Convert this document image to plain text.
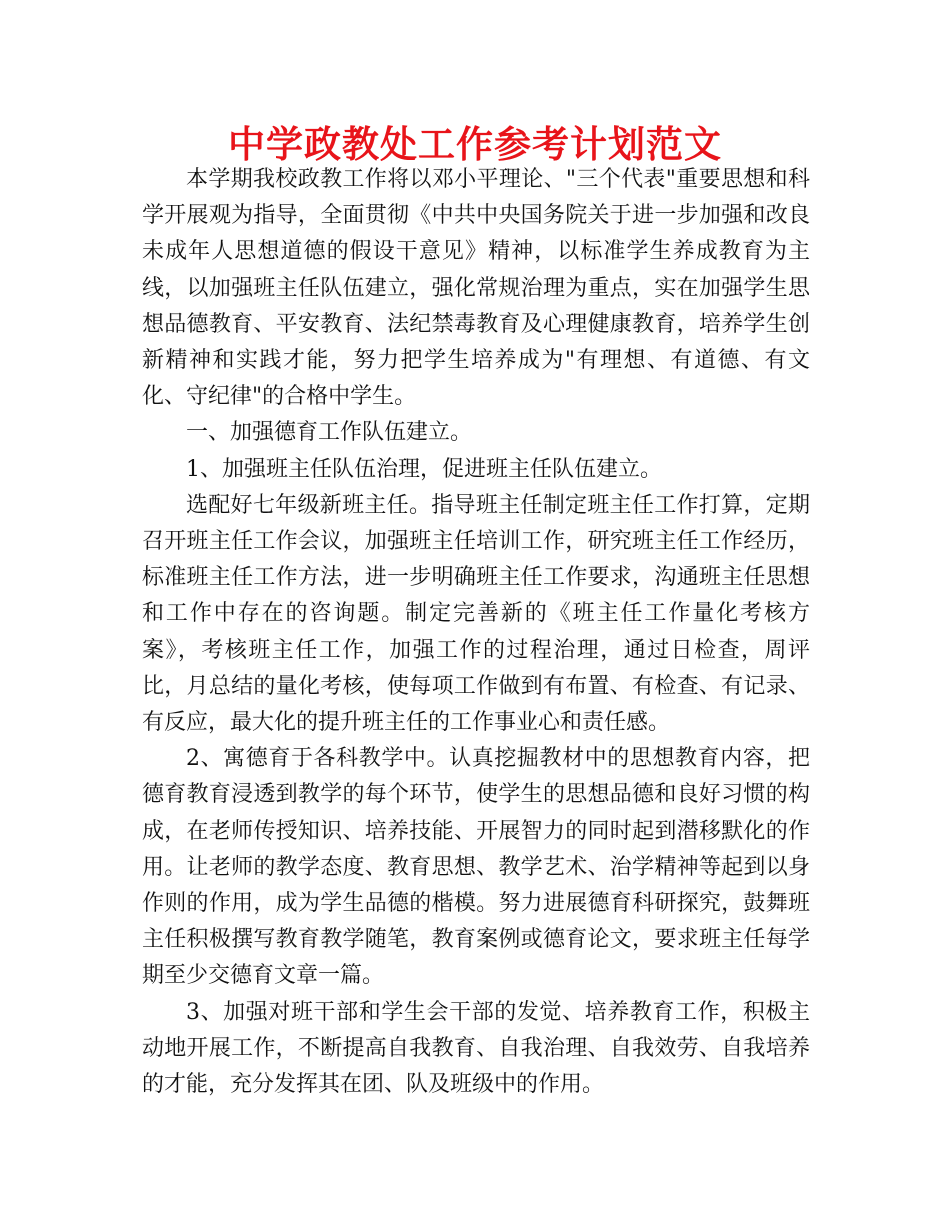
中学政教处工作参考计划范文

本学期我校政教工作将以邓小平理论、"三个代表"重要思想和科学开展观为指导，全面贯彻《中共中央国务院关于进一步加强和改良未成年人思想道德的假设干意见》精神，以标准学生养成教育为主线，以加强班主任队伍建立，强化常规治理为重点，实在加强学生思想品德教育、平安教育、法纪禁毒教育及心理健康教育，培养学生创新精神和实践才能，努力把学生培养成为"有理想、有道德、有文化、守纪律"的合格中学生。

一、加强德育工作队伍建立。

1、加强班主任队伍治理，促进班主任队伍建立。

选配好七年级新班主任。指导班主任制定班主任工作打算，定期召开班主任工作会议，加强班主任培训工作，研究班主任工作经历，标准班主任工作方法，进一步明确班主任工作要求，沟通班主任思想和工作中存在的咨询题。制定完善新的《班主任工作量化考核方案》，考核班主任工作，加强工作的过程治理，通过日检查，周评比，月总结的量化考核，使每项工作做到有布置、有检查、有记录、有反应，最大化的提升班主任的工作事业心和责任感。

2、寓德育于各科教学中。认真挖掘教材中的思想教育内容，把德育教育浸透到教学的每个环节，使学生的思想品德和良好习惯的构成，在老师传授知识、培养技能、开展智力的同时起到潜移默化的作用。让老师的教学态度、教育思想、教学艺术、治学精神等起到以身作则的作用，成为学生品德的楷模。努力进展德育科研探究，鼓舞班主任积极撰写教育教学随笔，教育案例或德育论文，要求班主任每学期至少交德育文章一篇。

3、加强对班干部和学生会干部的发觉、培养教育工作，积极主动地开展工作，不断提高自我教育、自我治理、自我效劳、自我培养的才能，充分发挥其在团、队及班级中的作用。
